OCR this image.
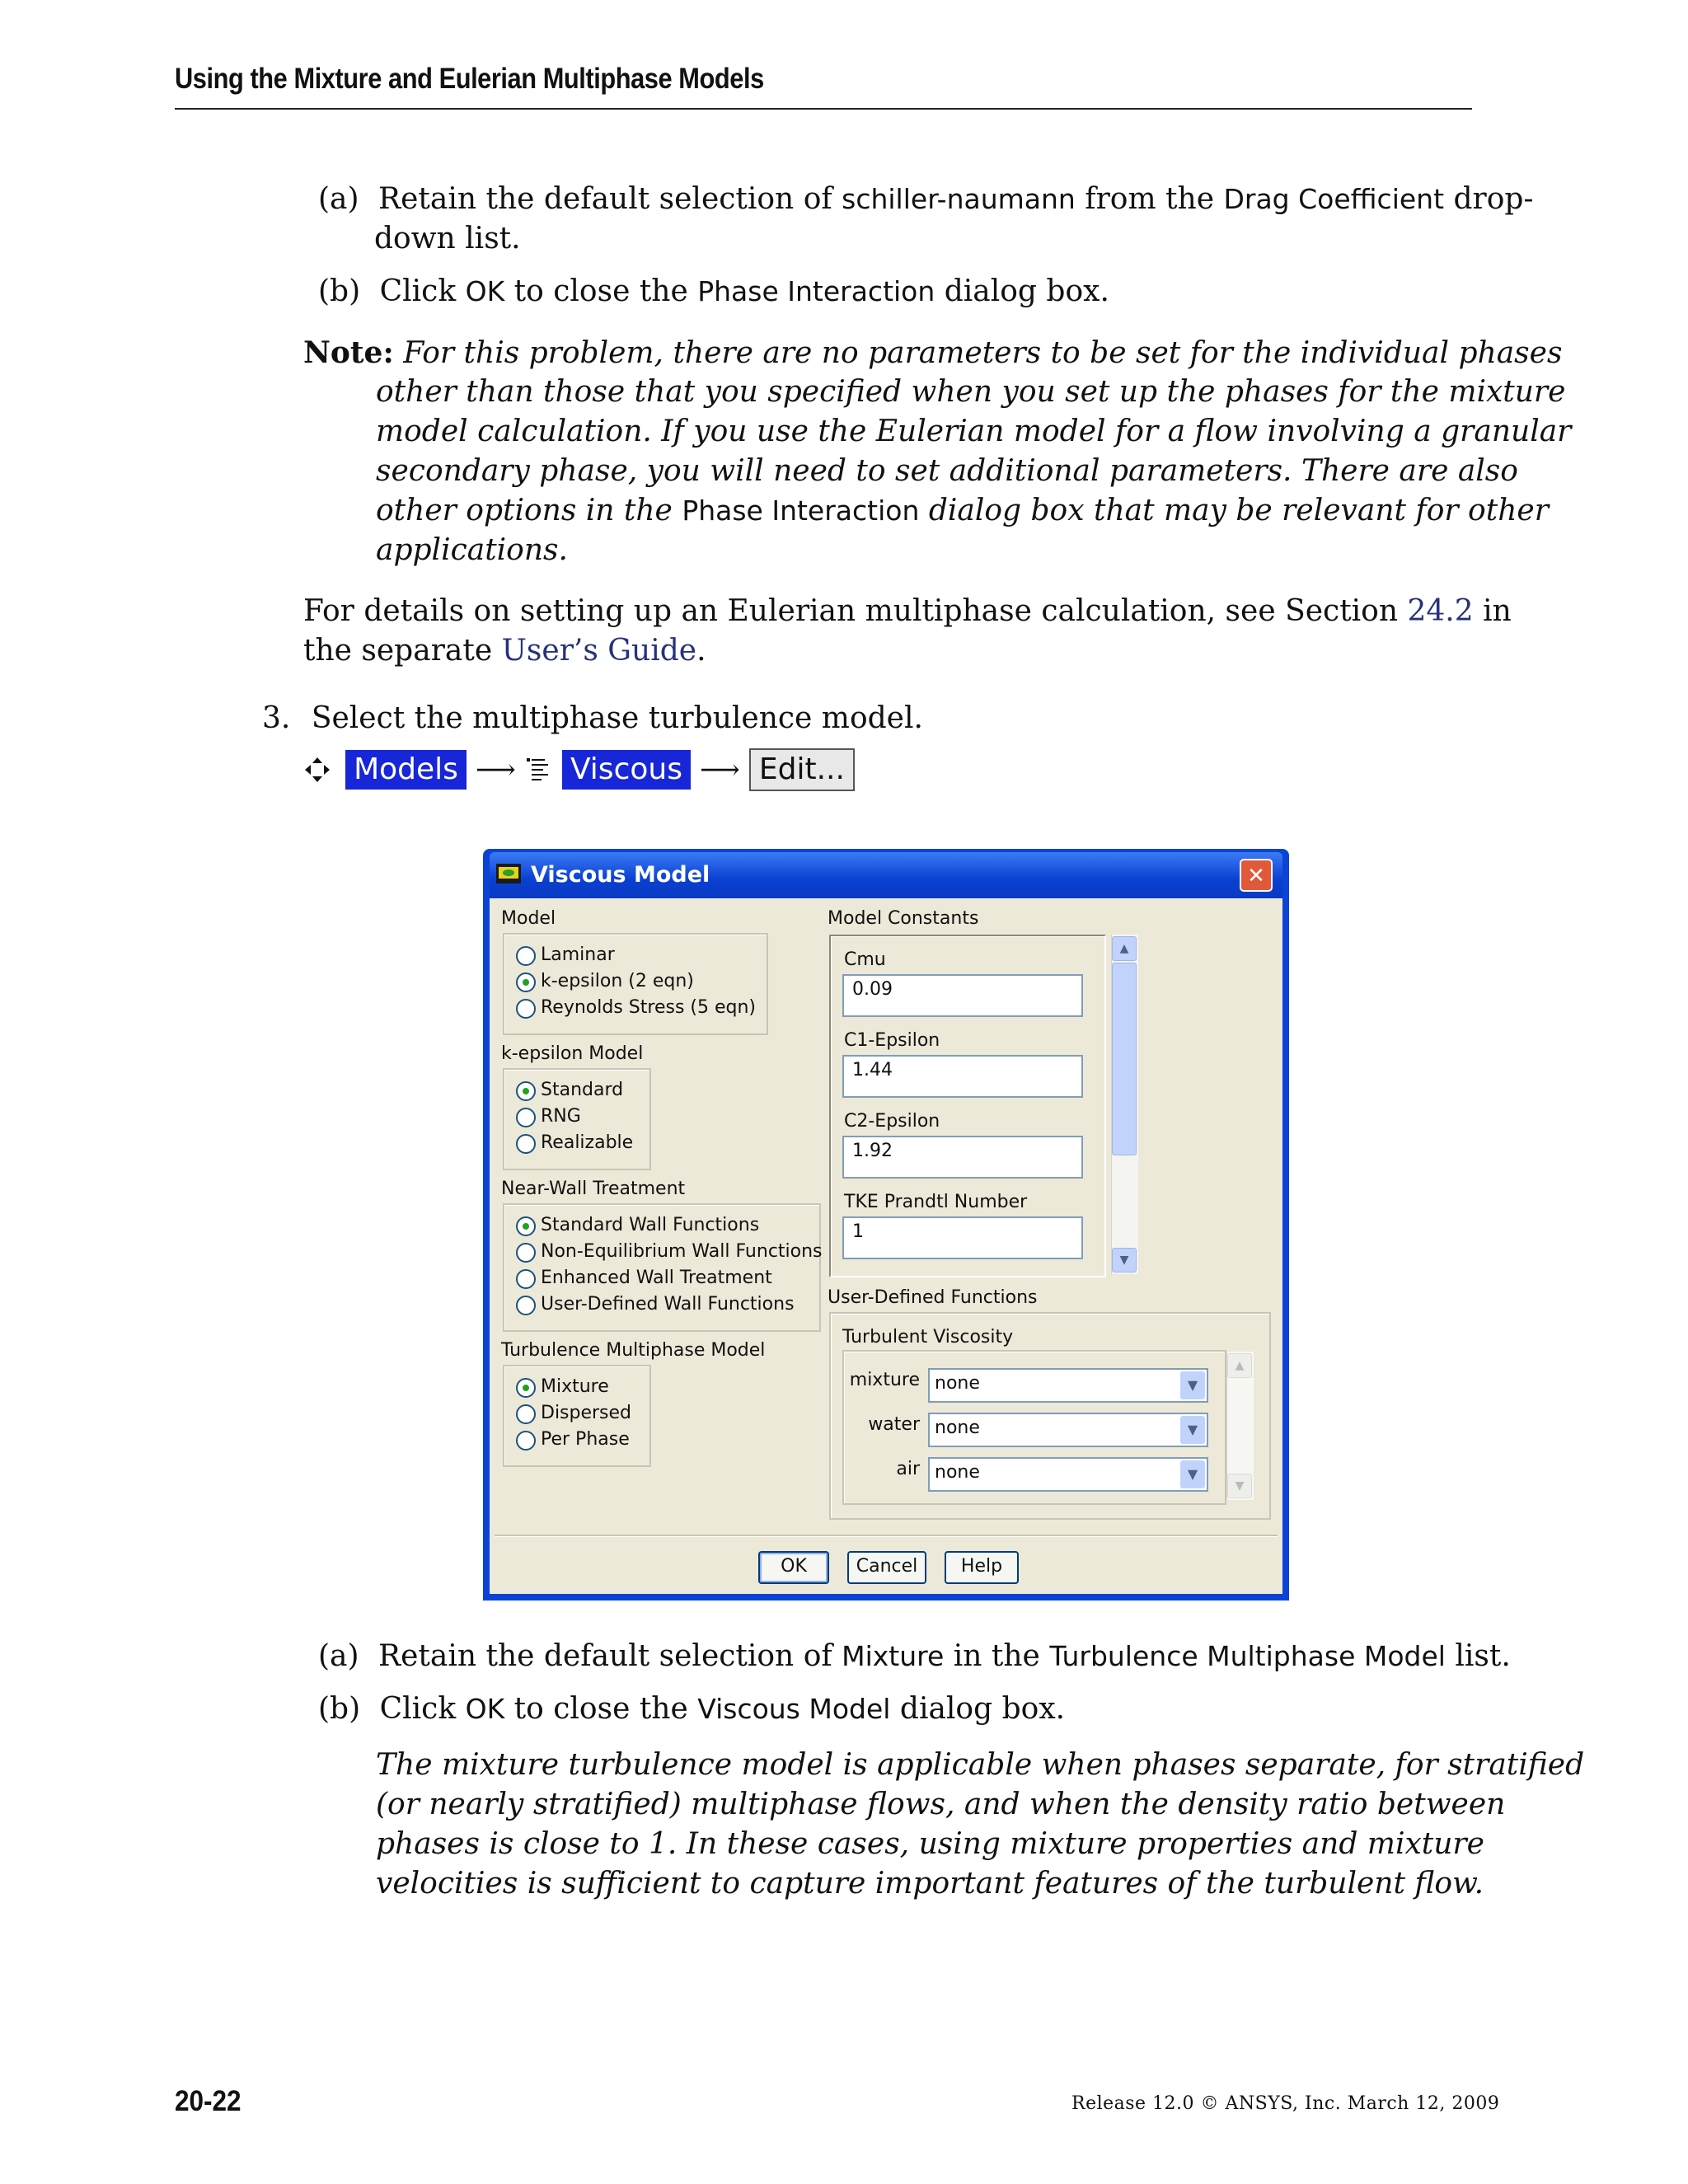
Using the Mixture and Eulerian Multiphase Models
(a) Retain the default selection of schiller-naumann from the Drag Coefficient drop-
down list.
(b) Click OK to close the Phase Interaction dialog box.
Note: For this problem, there are no parameters to be set for the individual phases
other than those that you specified when you set up the phases for the mixture
model calculation. If you use the Eulerian model for a flow involving a granular
secondary phase, you will need to set additional parameters. There are also
other options in the Phase Interaction dialog box that may be relevant for other
applications.
For details on setting up an Eulerian multiphase calculation, see Section 24.2 in
the separate User’s Guide.
3. Select the multiphase turbulence model.
Models ⟶ Viscous ⟶ Edit...
Viscous Model	✕
Model
Laminar
k-epsilon (2 eqn)
Reynolds Stress (5 eqn)
k-epsilon Model
Standard
RNG
Realizable
Near-Wall Treatment
Standard Wall Functions
Non-Equilibrium Wall Functions
Enhanced Wall Treatment
User-Defined Wall Functions
Turbulence Multiphase Model
Mixture
Dispersed
Per Phase
Model Constants
Cmu
0.09
C1-Epsilon
1.44
C2-Epsilon
1.92
TKE Prandtl Number
1
▲
▼
User-Defined Functions
Turbulent Viscosity
mixture none	▼
water none	▼
air none	▼
▲
▼
OK	Cancel	Help
(a) Retain the default selection of Mixture in the Turbulence Multiphase Model list.
(b) Click OK to close the Viscous Model dialog box.
The mixture turbulence model is applicable when phases separate, for stratified
(or nearly stratified) multiphase flows, and when the density ratio between
phases is close to 1. In these cases, using mixture properties and mixture
velocities is sufficient to capture important features of the turbulent flow.
20-22	Release 12.0 © ANSYS, Inc. March 12, 2009
